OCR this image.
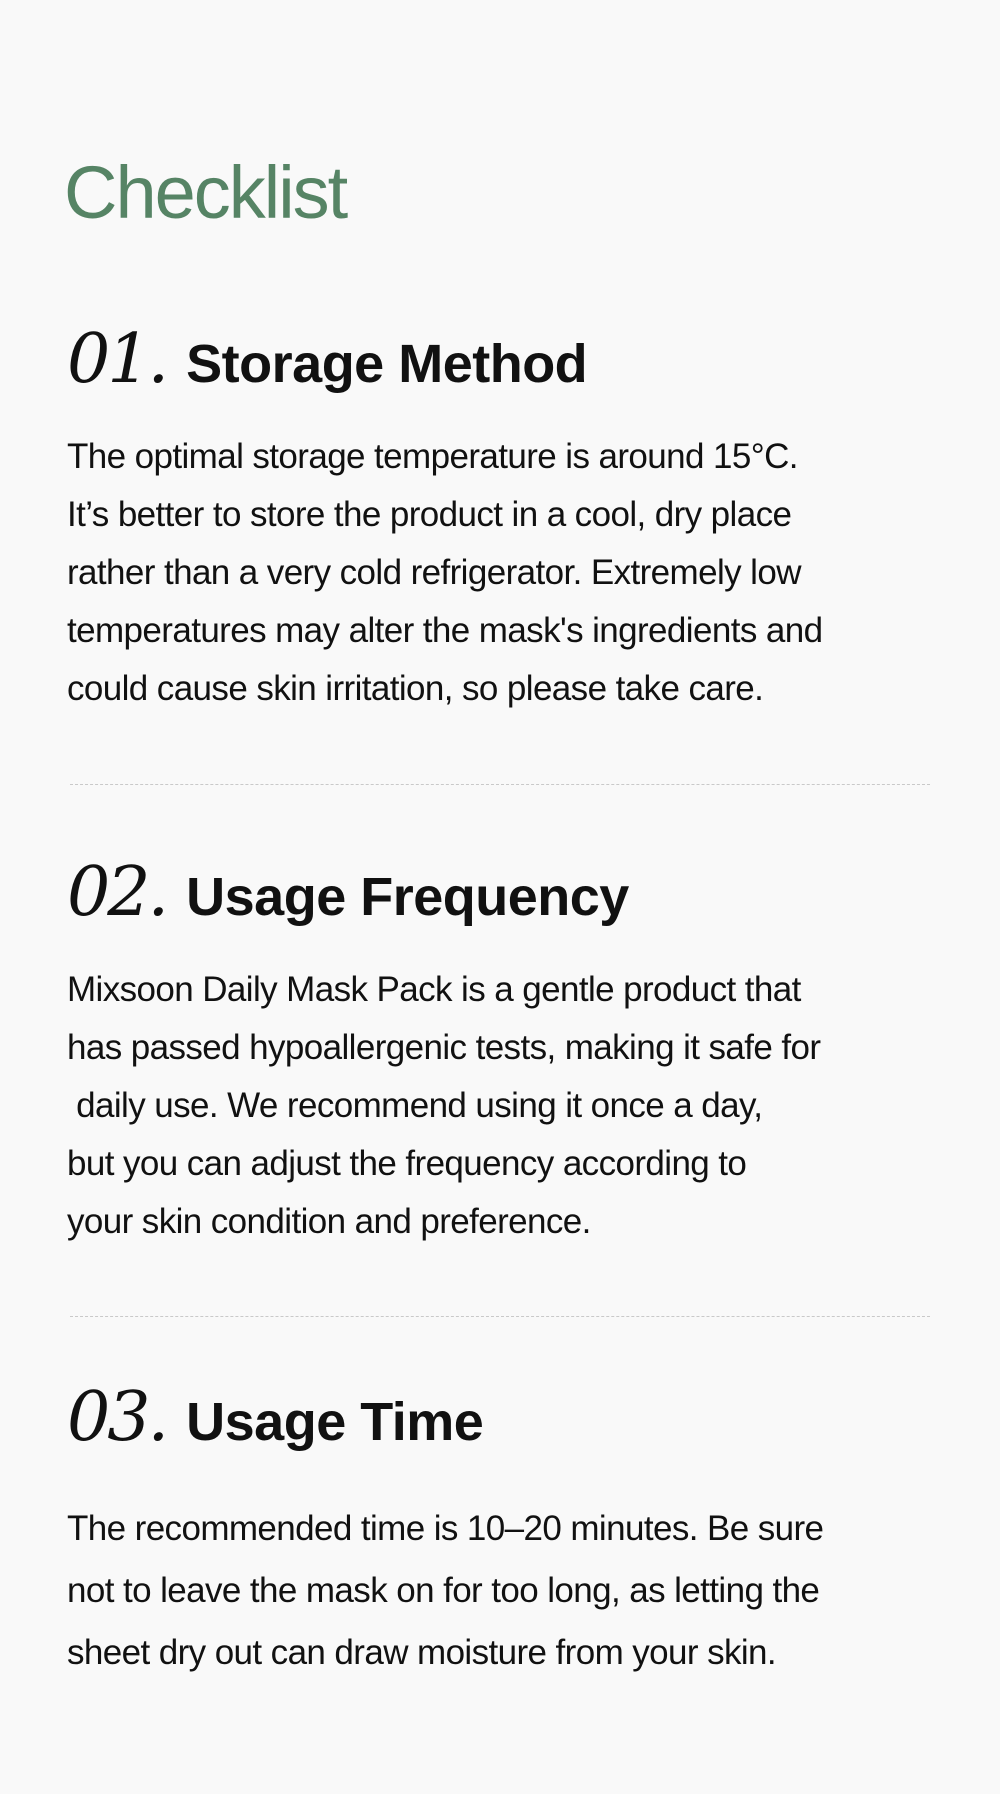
Checklist
01. Storage Method

The optimal storage temperature is around 15°C.
It’s better to store the product in a cool, dry place
rather than a very cold refrigerator. Extremely low
temperatures may alter the mask's ingredients and
could cause skin irritation, so please take care.

02. Usage Frequency

Mixsoon Daily Mask Pack is a gentle product that
has passed hypoallergenic tests, making it safe for
daily use. We recommend using it once a day,
but you can adjust the frequency according to
your skin condition and preference.

03. Usage Time

The recommended time is 10–20 minutes. Be sure
not to leave the mask on for too long, as letting the
sheet dry out can draw moisture from your skin.
